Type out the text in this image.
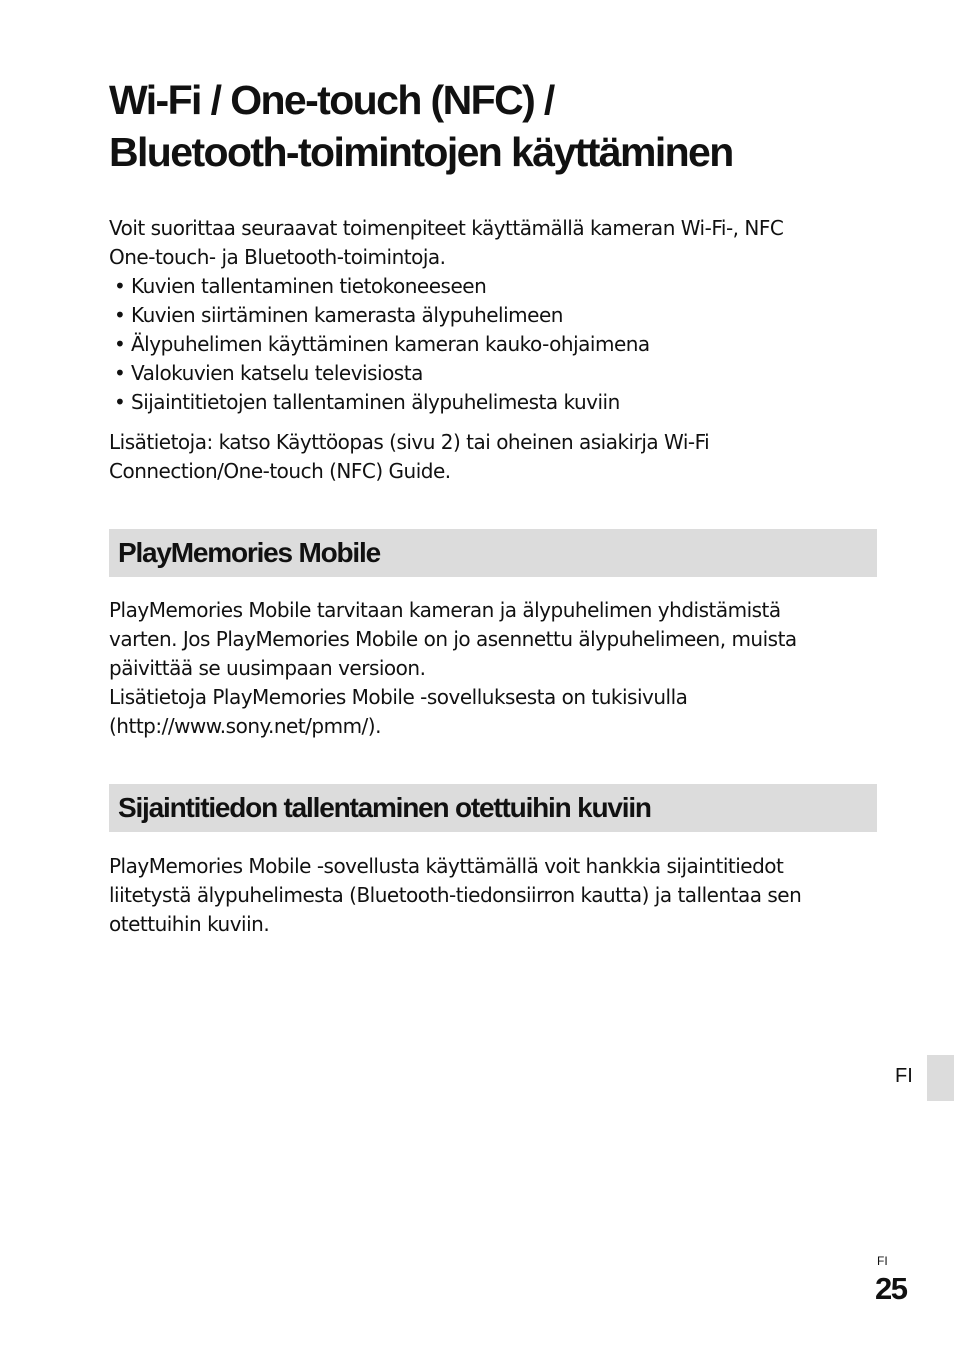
Wi-Fi / One-touch (NFC) /
Bluetooth-toimintojen käyttäminen
Voit suorittaa seuraavat toimenpiteet käyttämällä kameran Wi-Fi-, NFC
One-touch- ja Bluetooth-toimintoja.
• Kuvien tallentaminen tietokoneeseen
• Kuvien siirtäminen kamerasta älypuhelimeen
• Älypuhelimen käyttäminen kameran kauko-ohjaimena
• Valokuvien katselu televisiosta
• Sijaintitietojen tallentaminen älypuhelimesta kuviin
Lisätietoja: katso Käyttöopas (sivu 2) tai oheinen asiakirja Wi-Fi
Connection/One-touch (NFC) Guide.
PlayMemories Mobile
PlayMemories Mobile tarvitaan kameran ja älypuhelimen yhdistämistä
varten. Jos PlayMemories Mobile on jo asennettu älypuhelimeen, muista
päivittää se uusimpaan versioon.
Lisätietoja PlayMemories Mobile -sovelluksesta on tukisivulla
(http://www.sony.net/pmm/).
Sijaintitiedon tallentaminen otettuihin kuviin
PlayMemories Mobile -sovellusta käyttämällä voit hankkia sijaintitiedot
liitetystä älypuhelimesta (Bluetooth-tiedonsiirron kautta) ja tallentaa sen
otettuihin kuviin.
FI
FI
25
